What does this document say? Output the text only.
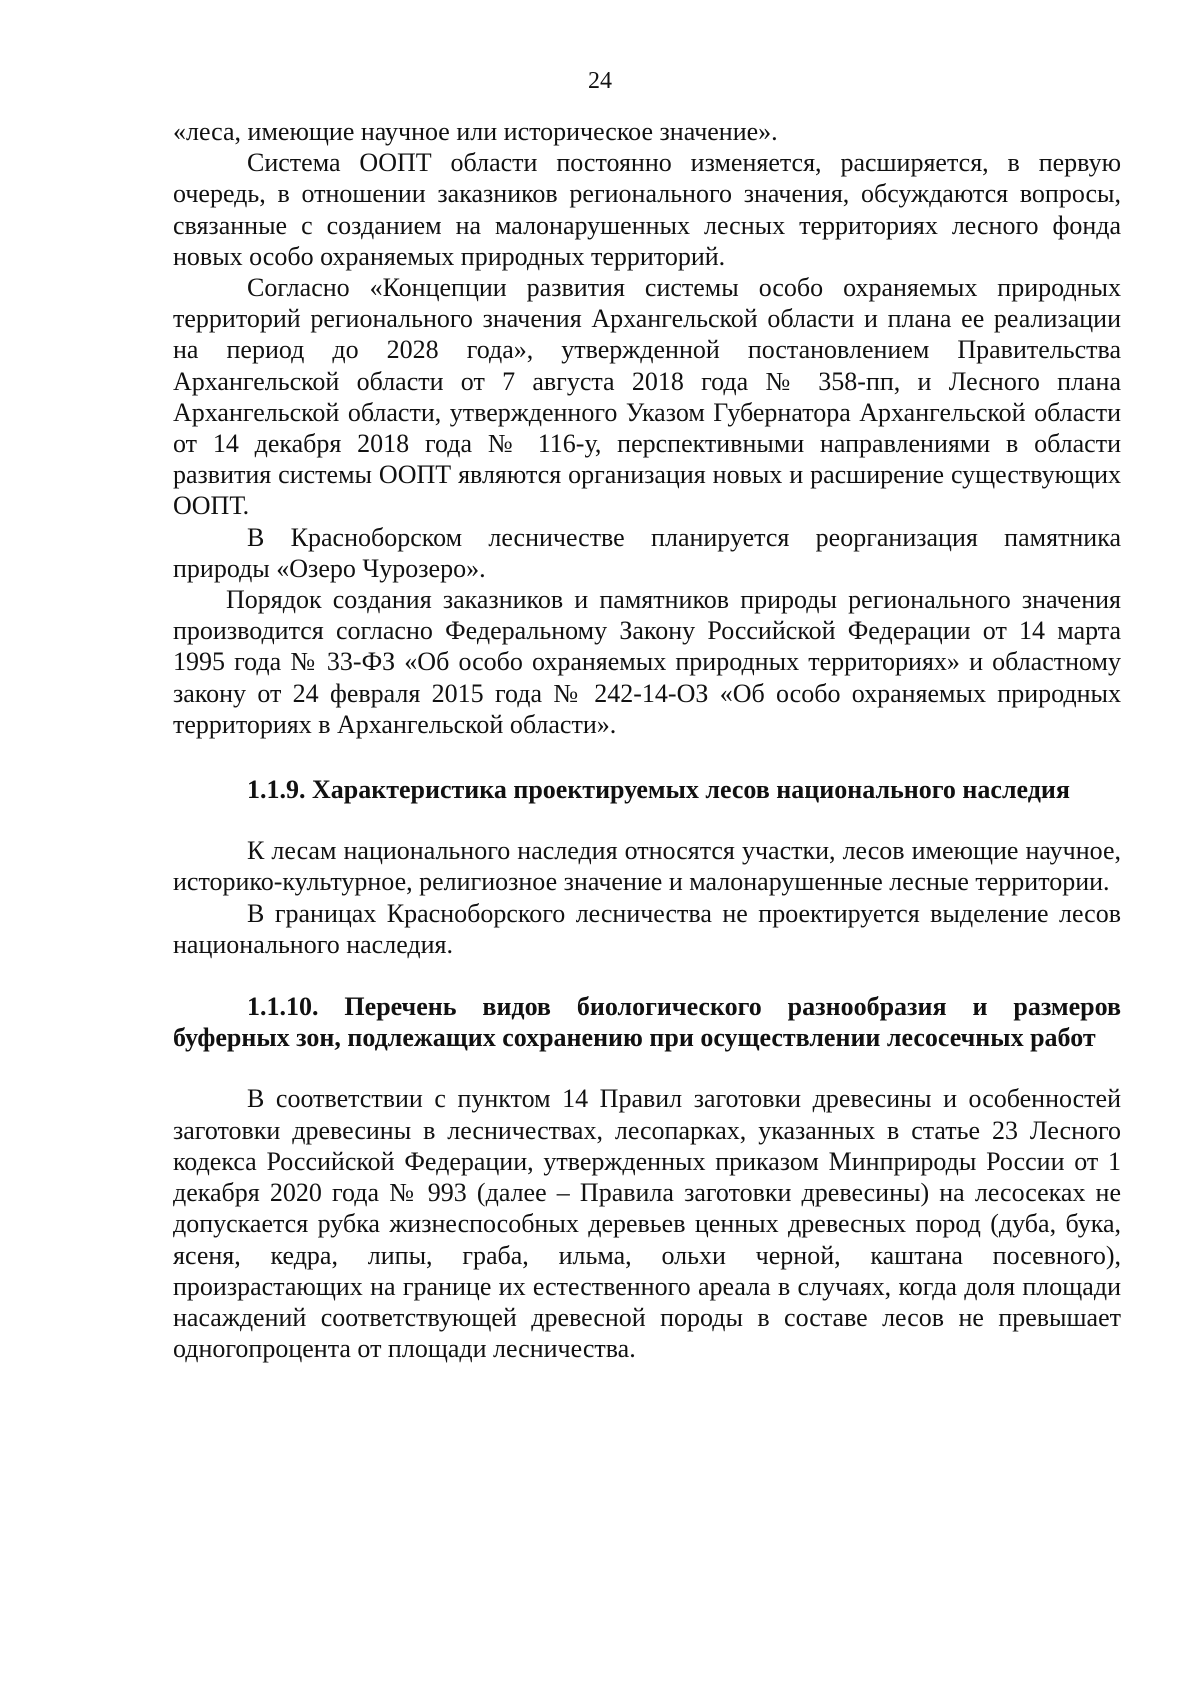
24

«леса, имеющие научное или историческое значение».

Система ООПТ области постоянно изменяется, расширяется, в первую очередь, в отношении заказников регионального значения, обсуждаются вопросы, связанные с созданием на малонарушенных лесных территориях лесного фонда новых особо охраняемых природных территорий.

Согласно «Концепции развития системы особо охраняемых природных территорий регионального значения Архангельской области и плана ее реализации на период до 2028 года», утвержденной постановлением Правительства Архангельской области от 7 августа 2018 года № 358-пп, и Лесного плана Архангельской области, утвержденного Указом Губернатора Архангельской области от 14 декабря 2018 года № 116-у, перспективными направлениями в области развития системы ООПТ являются организация новых и расширение существующих ООПТ.

В Красноборском лесничестве планируется реорганизация памятника природы «Озеро Чурозеро».

Порядок создания заказников и памятников природы регионального значения производится согласно Федеральному Закону Российской Федерации от 14 марта 1995 года № 33-ФЗ «Об особо охраняемых природных территориях» и областному закону от 24 февраля 2015 года № 242-14-ОЗ «Об особо охраняемых природных территориях в Архангельской области».

1.1.9. Характеристика проектируемых лесов национального наследия

К лесам национального наследия относятся участки, лесов имеющие научное, историко-культурное, религиозное значение и малонарушенные лесные территории.

В границах Красноборского лесничества не проектируется выделение лесов национального наследия.

1.1.10. Перечень видов биологического разнообразия и размеров буферных зон, подлежащих сохранению при осуществлении лесосечных работ

В соответствии с пунктом 14 Правил заготовки древесины и особенностей заготовки древесины в лесничествах, лесопарках, указанных в статье 23 Лесного кодекса Российской Федерации, утвержденных приказом Минприроды России от 1 декабря 2020 года № 993 (далее – Правила заготовки древесины) на лесосеках не допускается рубка жизнеспособных деревьев ценных древесных пород (дуба, бука, ясеня, кедра, липы, граба, ильма, ольхи черной, каштана посевного), произрастающих на границе их естественного ареала в случаях, когда доля площади насаждений соответствующей древесной породы в составе лесов не превышает одногопроцента от площади лесничества.
